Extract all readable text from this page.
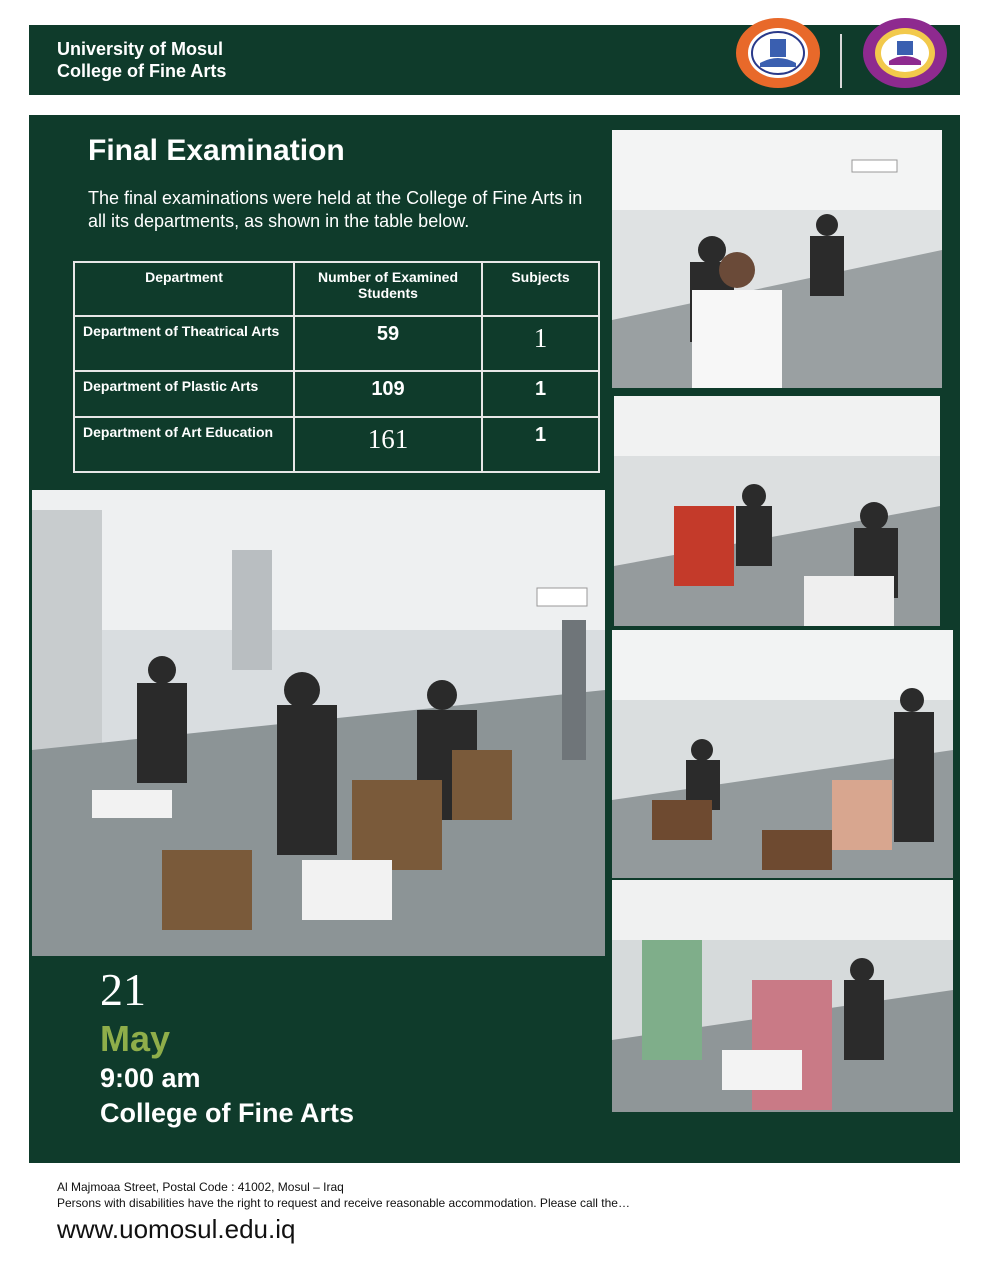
University of Mosul
College of Fine Arts
Final Examination
The final examinations were held at the College of Fine Arts in all its departments, as shown in the table below.
Department	Number of Examined Students	Subjects
Department of Theatrical Arts	59	1
Department of Plastic Arts	109	1
Department of Art Education	161	1
21
May
9:00 am
College of Fine Arts
Al Majmoaa Street, Postal Code : 41002, Mosul – Iraq
Persons with disabilities have the right to request and receive reasonable accommodation. Please call the…
www.uomosul.edu.iq
